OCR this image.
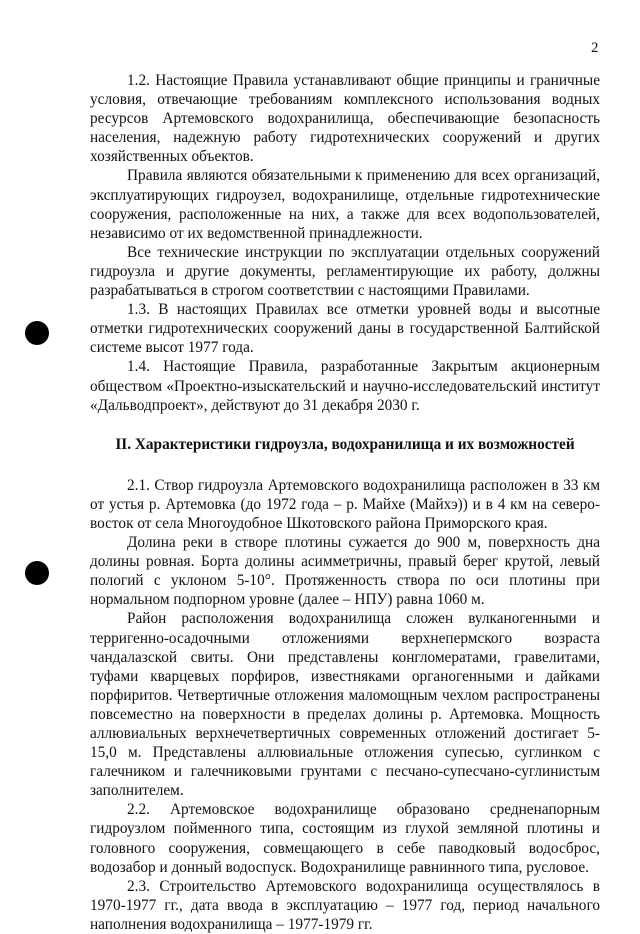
2

1.2. Настоящие Правила устанавливают общие принципы и граничные условия, отвечающие требованиям комплексного использования водных ресурсов Артемовского водохранилища, обеспечивающие безопасность населения, надежную работу гидротехнических сооружений и других хозяйственных объектов.

Правила являются обязательными к применению для всех организаций, эксплуатирующих гидроузел, водохранилище, отдельные гидротехнические сооружения, расположенные на них, а также для всех водопользователей, независимо от их ведомственной принадлежности.

Все технические инструкции по эксплуатации отдельных сооружений гидроузла и другие документы, регламентирующие их работу, должны разрабатываться в строгом соответствии с настоящими Правилами.

1.3. В настоящих Правилах все отметки уровней воды и высотные отметки гидротехнических сооружений даны в государственной Балтийской системе высот 1977 года.

1.4. Настоящие Правила, разработанные Закрытым акционерным обществом «Проектно-изыскательский и научно-исследовательский институт «Дальводпроект», действуют до 31 декабря 2030 г.

II. Характеристики гидроузла, водохранилища и их возможностей

2.1. Створ гидроузла Артемовского водохранилища расположен в 33 км от устья р. Артемовка (до 1972 года – р. Майхе (Майхэ)) и в 4 км на северо-восток от села Многоудобное Шкотовского района Приморского края.

Долина реки в створе плотины сужается до 900 м, поверхность дна долины ровная. Борта долины асимметричны, правый берег крутой, левый пологий с уклоном 5-10°. Протяженность створа по оси плотины при нормальном подпорном уровне (далее – НПУ) равна 1060 м.

Район расположения водохранилища сложен вулканогенными и терригенно-осадочными отложениями верхнепермского возраста чандалазской свиты. Они представлены конгломератами, гравелитами, туфами кварцевых порфиров, известняками органогенными и дайками порфиритов. Четвертичные отложения маломощным чехлом распространены повсеместно на поверхности в пределах долины р. Артемовка. Мощность аллювиальных верхнечетвертичных современных отложений достигает 5-15,0 м. Представлены аллювиальные отложения супесью, суглинком с галечником и галечниковыми грунтами с песчано-супесчано-суглинистым заполнителем.

2.2. Артемовское водохранилище образовано средненапорным гидроузлом пойменного типа, состоящим из глухой земляной плотины и головного сооружения, совмещающего в себе паводковый водосброс, водозабор и донный водоспуск. Водохранилище равнинного типа, русловое.

2.3. Строительство Артемовского водохранилища осуществлялось в 1970-1977 гг., дата ввода в эксплуатацию – 1977 год, период начального наполнения водохранилища – 1977-1979 гг.
